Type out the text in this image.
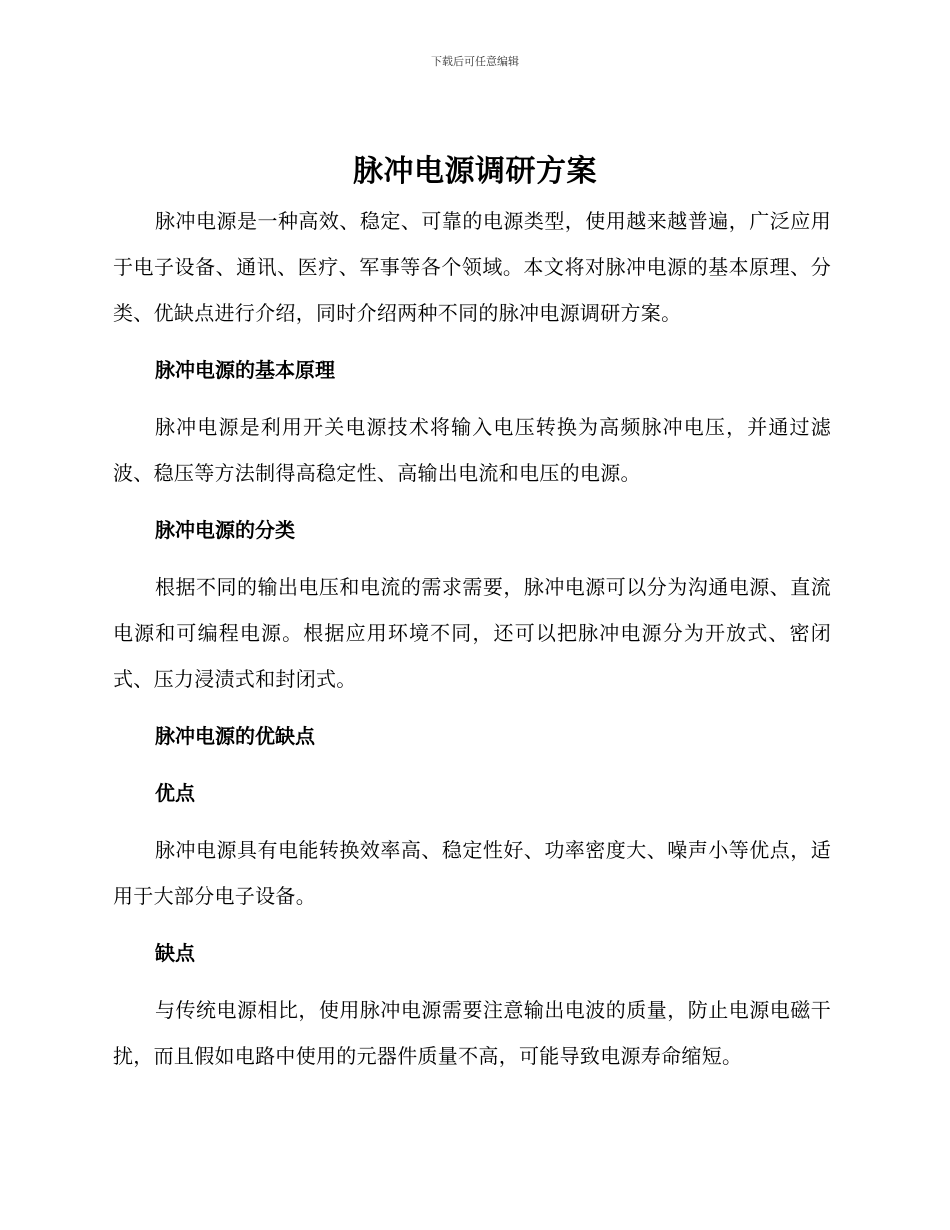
下载后可任意编辑
脉冲电源调研方案

脉冲电源是一种高效、稳定、可靠的电源类型，使用越来越普遍，广泛应用于电子设备、通讯、医疗、军事等各个领域。本文将对脉冲电源的基本原理、分类、优缺点进行介绍，同时介绍两种不同的脉冲电源调研方案。

脉冲电源的基本原理

脉冲电源是利用开关电源技术将输入电压转换为高频脉冲电压，并通过滤波、稳压等方法制得高稳定性、高输出电流和电压的电源。

脉冲电源的分类

根据不同的输出电压和电流的需求需要，脉冲电源可以分为沟通电源、直流电源和可编程电源。根据应用环境不同，还可以把脉冲电源分为开放式、密闭式、压力浸渍式和封闭式。

脉冲电源的优缺点
优点

脉冲电源具有电能转换效率高、稳定性好、功率密度大、噪声小等优点，适用于大部分电子设备。

缺点

与传统电源相比，使用脉冲电源需要注意输出电波的质量，防止电源电磁干扰，而且假如电路中使用的元器件质量不高，可能导致电源寿命缩短。
